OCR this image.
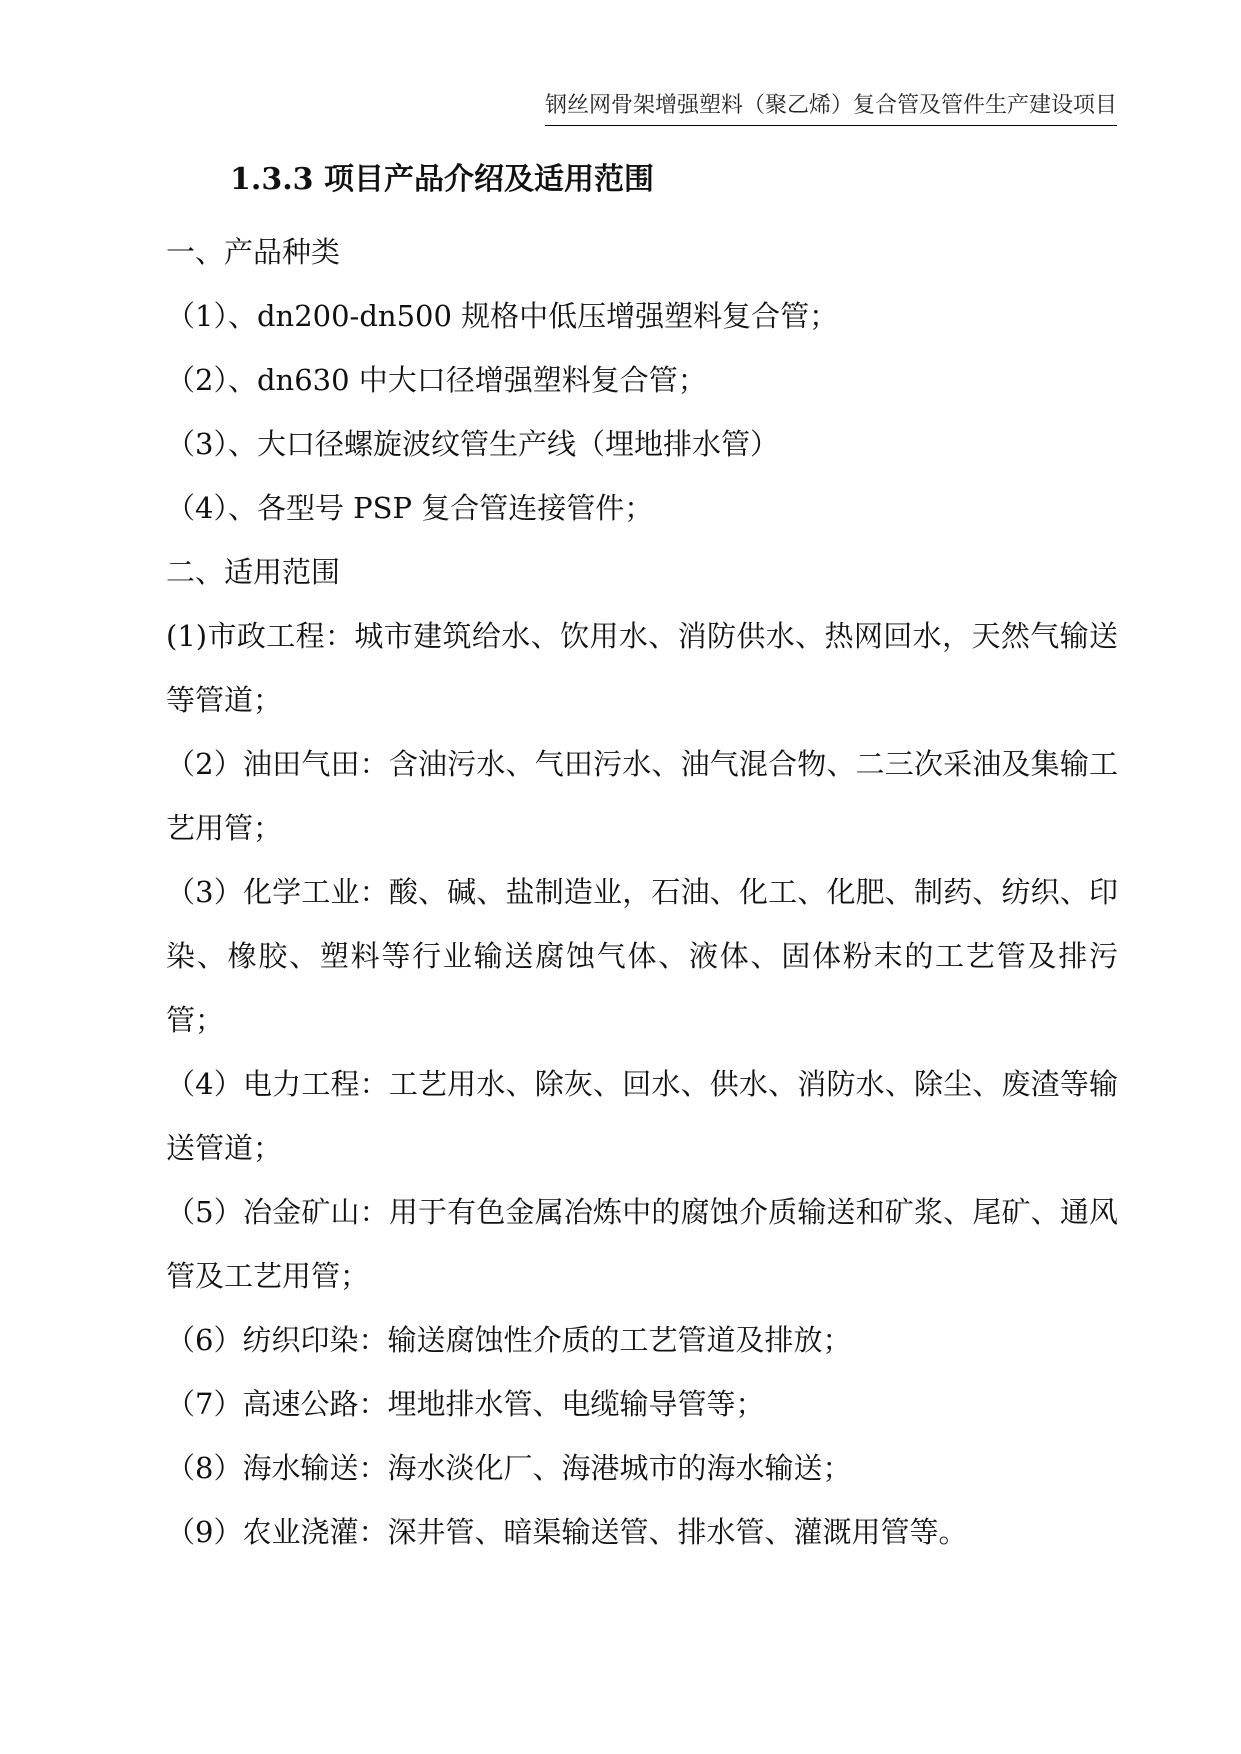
钢丝网骨架增强塑料（聚乙烯）复合管及管件生产建设项目
1.3.3 项目产品介绍及适用范围

一、产品种类

（1）、dn200-dn500 规格中低压增强塑料复合管；

（2）、dn630 中大口径增强塑料复合管；

（3）、大口径螺旋波纹管生产线（埋地排水管）

（4）、各型号 PSP 复合管连接管件；

二、适用范围

(1)市政工程：城市建筑给水、饮用水、消防供水、热网回水，天然气输送等管道；

（2）油田气田：含油污水、气田污水、油气混合物、二三次采油及集输工艺用管；

（3）化学工业：酸、碱、盐制造业，石油、化工、化肥、制药、纺织、印染、橡胶、塑料等行业输送腐蚀气体、液体、固体粉末的工艺管及排污管；

（4）电力工程：工艺用水、除灰、回水、供水、消防水、除尘、废渣等输送管道；

（5）冶金矿山：用于有色金属冶炼中的腐蚀介质输送和矿浆、尾矿、通风管及工艺用管；

（6）纺织印染：输送腐蚀性介质的工艺管道及排放；

（7）高速公路：埋地排水管、电缆输导管等；

（8）海水输送：海水淡化厂、海港城市的海水输送；

（9）农业浇灌：深井管、暗渠输送管、排水管、灌溉用管等。
